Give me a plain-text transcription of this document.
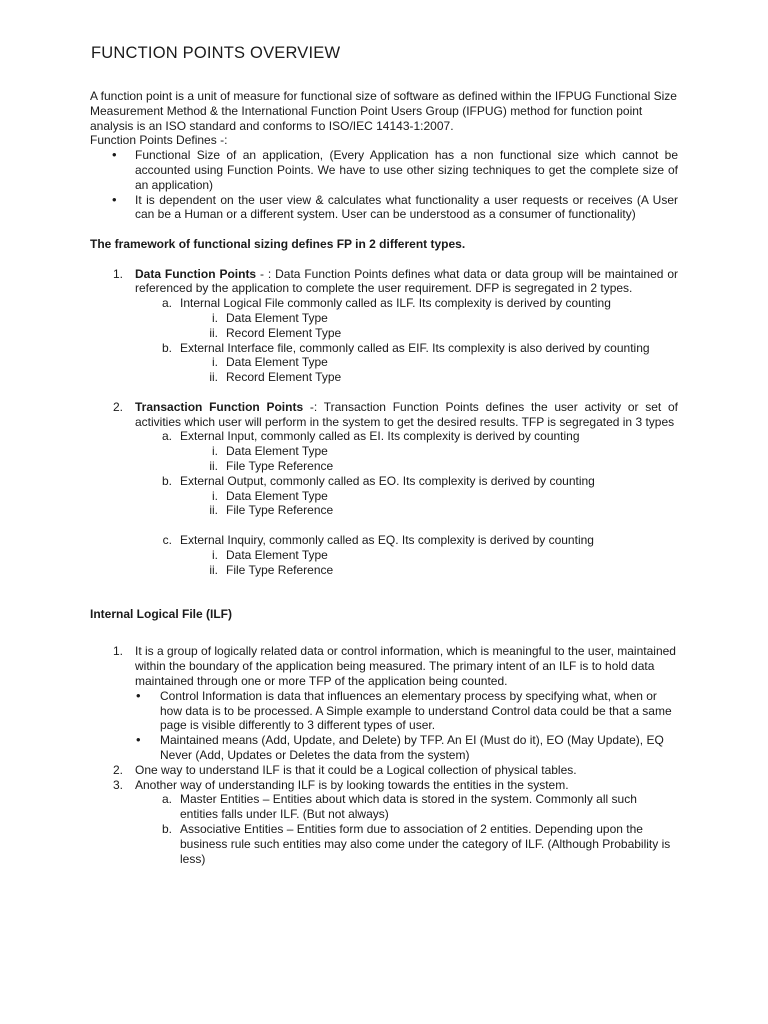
FUNCTION POINTS OVERVIEW

A function point is a unit of measure for functional size of software as defined within the IFPUG Functional Size Measurement Method & the International Function Point Users Group (IFPUG) method for function point analysis is an ISO standard and conforms to ISO/IEC 14143-1:2007.

Function Points Defines -:

• Functional Size of an application, (Every Application has a non functional size which cannot be accounted using Function Points. We have to use other sizing techniques to get the complete size of an application)
• It is dependent on the user view & calculates what functionality a user requests or receives (A User can be a Human or a different system. User can be understood as a consumer of functionality)

The framework of functional sizing defines FP in 2 different types.

1. Data Function Points - : Data Function Points defines what data or data group will be maintained or referenced by the application to complete the user requirement. DFP is segregated in 2 types.
a. Internal Logical File commonly called as ILF. Its complexity is derived by counting
i. Data Element Type
ii. Record Element Type
b. External Interface file, commonly called as EIF. Its complexity is also derived by counting
i. Data Element Type
ii. Record Element Type
2. Transaction Function Points -: Transaction Function Points defines the user activity or set of activities which user will perform in the system to get the desired results. TFP is segregated in 3 types
a. External Input, commonly called as EI. Its complexity is derived by counting
i. Data Element Type
ii. File Type Reference
b. External Output, commonly called as EO. Its complexity is derived by counting
i. Data Element Type
ii. File Type Reference
c. External Inquiry, commonly called as EQ. Its complexity is derived by counting
i. Data Element Type
ii. File Type Reference

Internal Logical File (ILF)

1. It is a group of logically related data or control information, which is meaningful to the user, maintained within the boundary of the application being measured. The primary intent of an ILF is to hold data maintained through one or more TFP of the application being counted.
• Control Information is data that influences an elementary process by specifying what, when or how data is to be processed. A Simple example to understand Control data could be that a same page is visible differently to 3 different types of user.
• Maintained means (Add, Update, and Delete) by TFP. An EI (Must do it), EO (May Update), EQ Never (Add, Updates or Deletes the data from the system)
2. One way to understand ILF is that it could be a Logical collection of physical tables.
3. Another way of understanding ILF is by looking towards the entities in the system.
a. Master Entities – Entities about which data is stored in the system. Commonly all such entities falls under ILF. (But not always)
b. Associative Entities – Entities form due to association of 2 entities. Depending upon the business rule such entities may also come under the category of ILF. (Although Probability is less)
